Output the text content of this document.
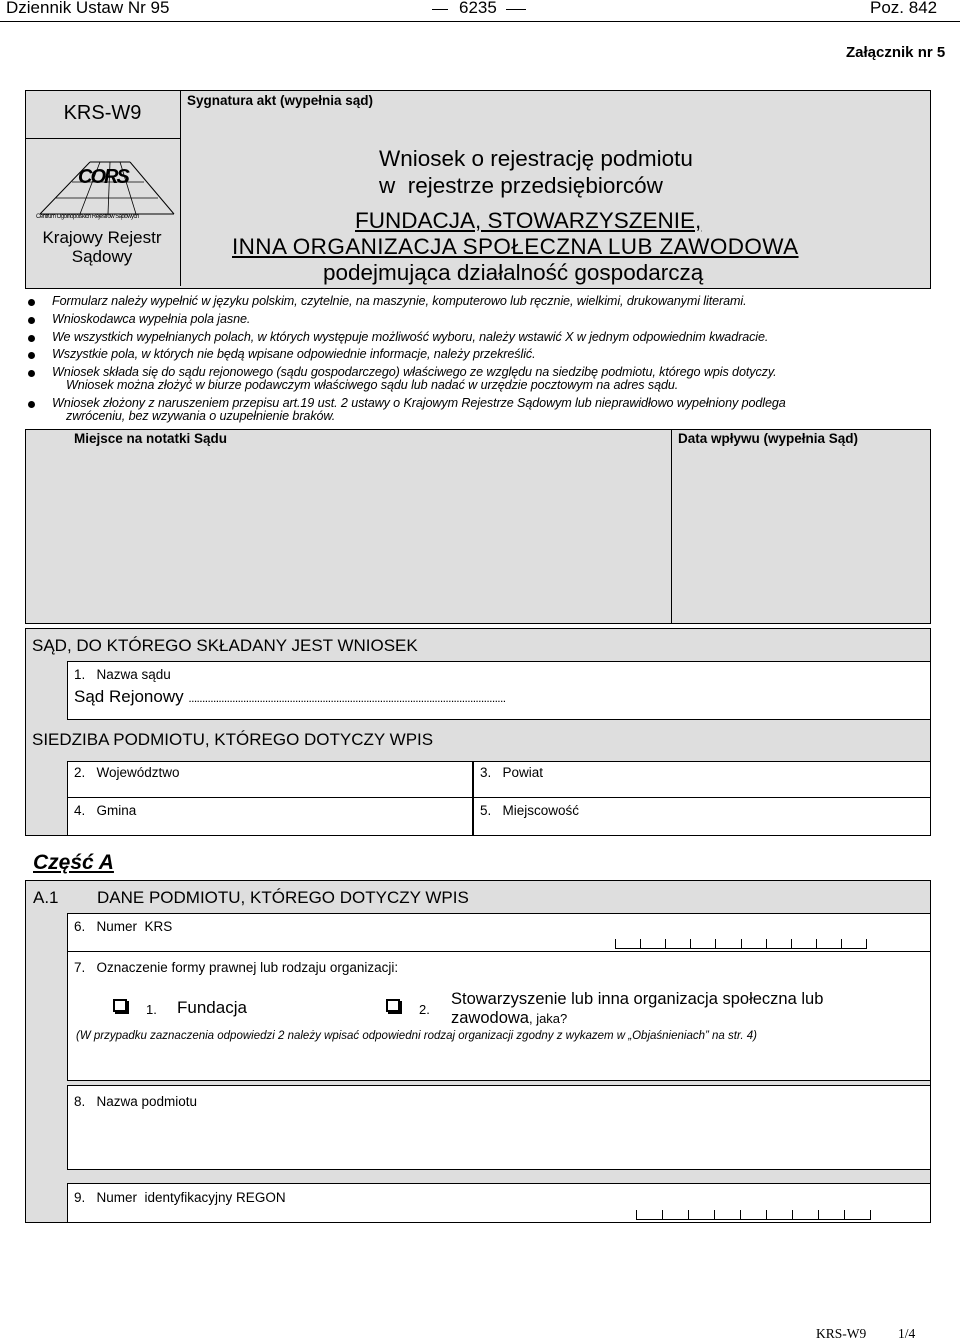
Dziennik Ustaw Nr 95	6235	Poz. 842
Załącznik nr 5
KRS-W9
Sygnatura akt (wypełnia sąd)
CORS
Centrum Ogólnopolskich Rejestrów Sądowych
Krajowy Rejestr
Sądowy
Wniosek o rejestrację podmiotu
w  rejestrze przedsiębiorców
FUNDACJA, STOWARZYSZENIE,
INNA ORGANIZACJA SPOŁECZNA LUB ZAWODOWA
podejmująca działalność gospodarczą
Formularz należy wypełnić w języku polskim, czytelnie, na maszynie, komputerowo lub ręcznie, wielkimi, drukowanymi literami.
Wnioskodawca wypełnia pola jasne.
We wszystkich wypełnianych polach, w których występuje możliwość wyboru, należy wstawić X w jednym odpowiednim kwadracie.
Wszystkie pola, w których nie będą wpisane odpowiednie informacje, należy przekreślić.
Wniosek składa się do sądu rejonowego (sądu gospodarczego) właściwego ze względu na siedzibę podmiotu, którego wpis dotyczy.
Wniosek można złożyć w biurze podawczym właściwego sądu lub nadać w urzędzie pocztowym na adres sądu.
Wniosek złożony z naruszeniem przepisu art.19 ust. 2 ustawy o Krajowym Rejestrze Sądowym lub nieprawidłowo wypełniony podlega
zwróceniu, bez wzywania o uzupełnienie braków.
Miejsce na notatki Sądu	Data wpływu (wypełnia Sąd)
SĄD, DO KTÓREGO SKŁADANY JEST WNIOSEK
1.   Nazwa sądu
Sąd Rejonowy ....................................................................................................................
SIEDZIBA PODMIOTU, KTÓREGO DOTYCZY WPIS
2.   Województwo	3.   Powiat
4.   Gmina	5.   Miejscowość
Część A
A.1 DANE PODMIOTU, KTÓREGO DOTYCZY WPIS
6.   Numer  KRS
7.   Oznaczenie formy prawnej lub rodzaju organizacji:
1. Fundacja	2.
Stowarzyszenie lub inna organizacja społeczna lub
zawodowa, jaka?
(W przypadku zaznaczenia odpowiedzi 2 należy wpisać odpowiedni rodzaj organizacji zgodny z wykazem w „Objaśnieniach” na str. 4)
8.   Nazwa podmiotu
9.   Numer  identyfikacyjny REGON
KRS-W9 1/4
